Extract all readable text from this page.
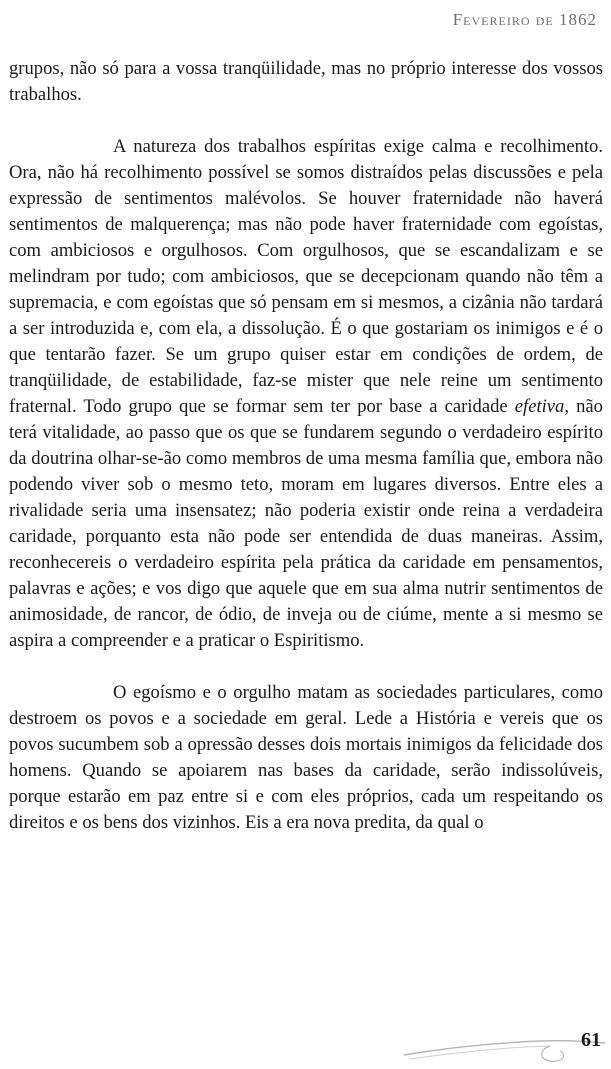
Fevereiro de 1862

grupos, não só para a vossa tranqüilidade, mas no próprio interesse dos vossos trabalhos.

A natureza dos trabalhos espíritas exige calma e recolhimento. Ora, não há recolhimento possível se somos distraídos pelas discussões e pela expressão de sentimentos malévolos. Se houver fraternidade não haverá sentimentos de malquerença; mas não pode haver fraternidade com egoístas, com ambiciosos e orgulhosos. Com orgulhosos, que se escandalizam e se melindram por tudo; com ambiciosos, que se decepcionam quando não têm a supremacia, e com egoístas que só pensam em si mesmos, a cizânia não tardará a ser introduzida e, com ela, a dissolução. É o que gostariam os inimigos e é o que tentarão fazer. Se um grupo quiser estar em condições de ordem, de tranqüilidade, de estabilidade, faz-se mister que nele reine um sentimento fraternal. Todo grupo que se formar sem ter por base a caridade efetiva, não terá vitalidade, ao passo que os que se fundarem segundo o verdadeiro espírito da doutrina olhar-se-ão como membros de uma mesma família que, embora não podendo viver sob o mesmo teto, moram em lugares diversos. Entre eles a rivalidade seria uma insensatez; não poderia existir onde reina a verdadeira caridade, porquanto esta não pode ser entendida de duas maneiras. Assim, reconhecereis o verdadeiro espírita pela prática da caridade em pensamentos, palavras e ações; e vos digo que aquele que em sua alma nutrir sentimentos de animosidade, de rancor, de ódio, de inveja ou de ciúme, mente a si mesmo se aspira a compreender e a praticar o Espiritismo.

O egoísmo e o orgulho matam as sociedades particulares, como destroem os povos e a sociedade em geral. Lede a História e vereis que os povos sucumbem sob a opressão desses dois mortais inimigos da felicidade dos homens. Quando se apoiarem nas bases da caridade, serão indissolúveis, porque estarão em paz entre si e com eles próprios, cada um respeitando os direitos e os bens dos vizinhos. Eis a era nova predita, da qual o

61
